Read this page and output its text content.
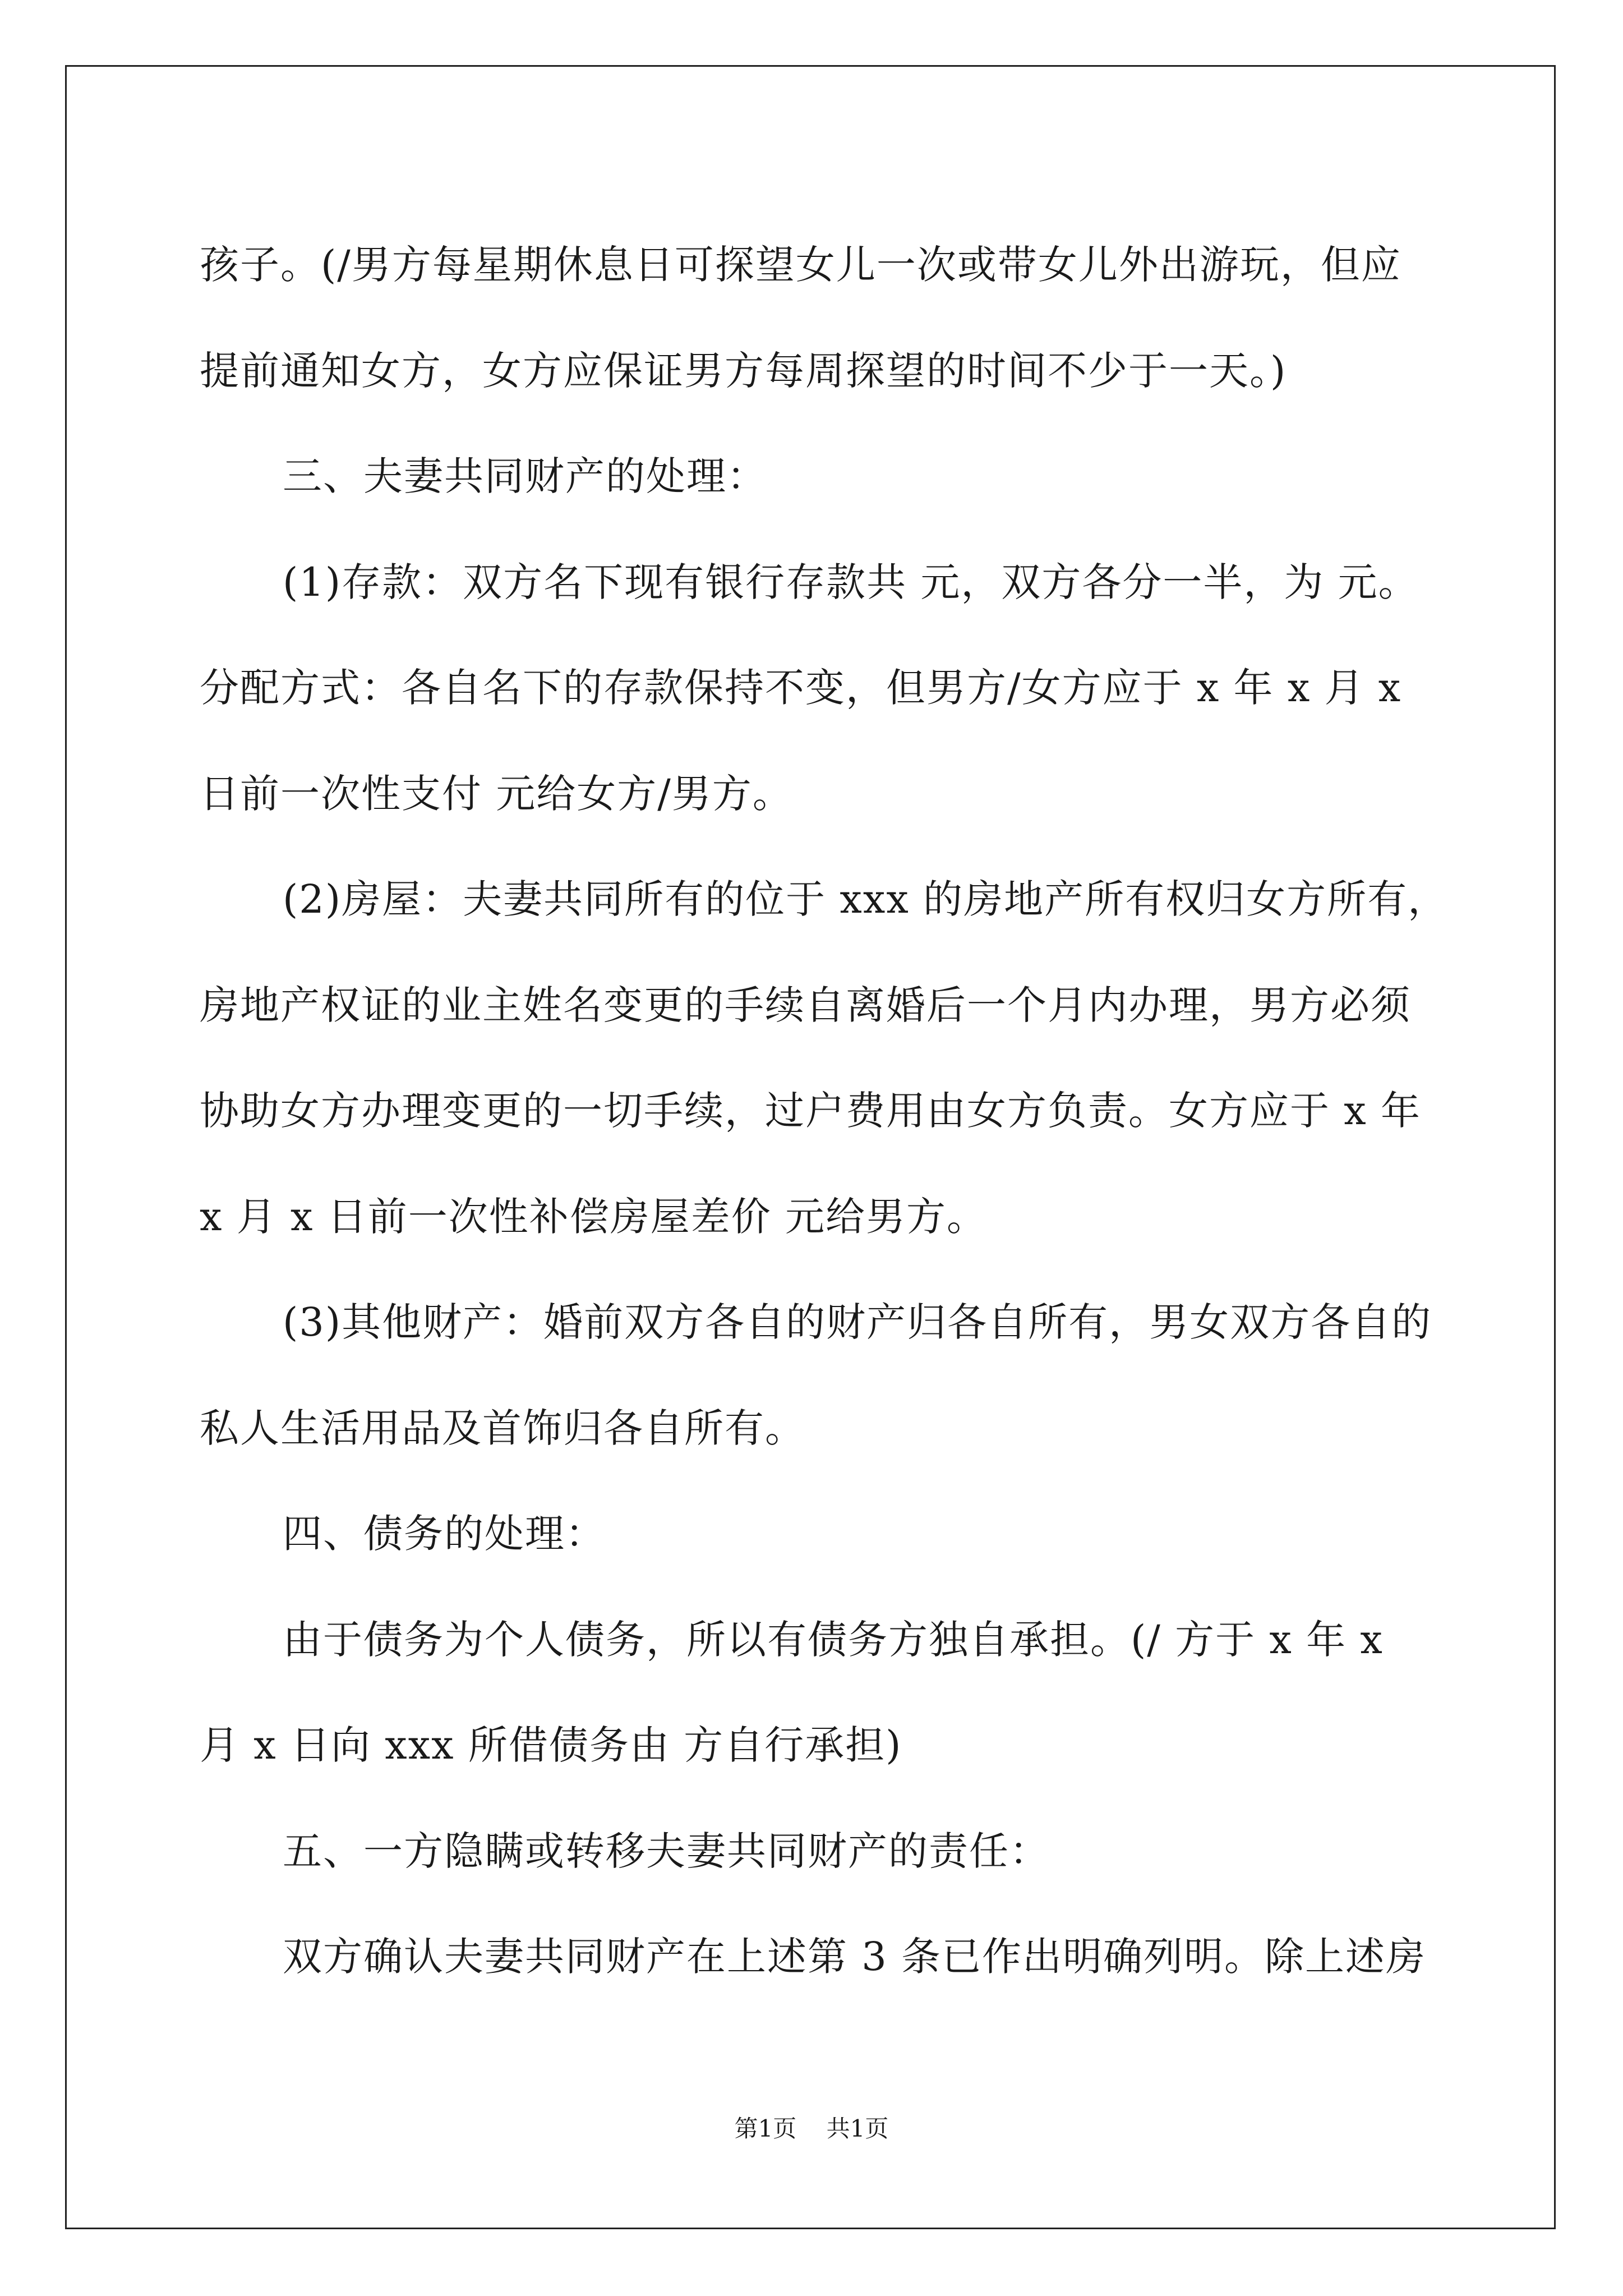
孩子。(/男方每星期休息日可探望女儿一次或带女儿外出游玩，但应
提前通知女方，女方应保证男方每周探望的时间不少于一天。)
三、夫妻共同财产的处理：
(1)存款：双方名下现有银行存款共 元，双方各分一半，为 元。
分配方式：各自名下的存款保持不变，但男方/女方应于 x 年 x 月 x
日前一次性支付 元给女方/男方。
(2)房屋：夫妻共同所有的位于 xxx 的房地产所有权归女方所有，
房地产权证的业主姓名变更的手续自离婚后一个月内办理，男方必须
协助女方办理变更的一切手续，过户费用由女方负责。女方应于 x 年
x 月 x 日前一次性补偿房屋差价 元给男方。
(3)其他财产：婚前双方各自的财产归各自所有，男女双方各自的
私人生活用品及首饰归各自所有。
四、债务的处理：
由于债务为个人债务，所以有债务方独自承担。(/ 方于 x 年 x
月 x 日向 xxx 所借债务由 方自行承担)
五、一方隐瞒或转移夫妻共同财产的责任：
双方确认夫妻共同财产在上述第 3 条已作出明确列明。除上述房
第1页    共1页
